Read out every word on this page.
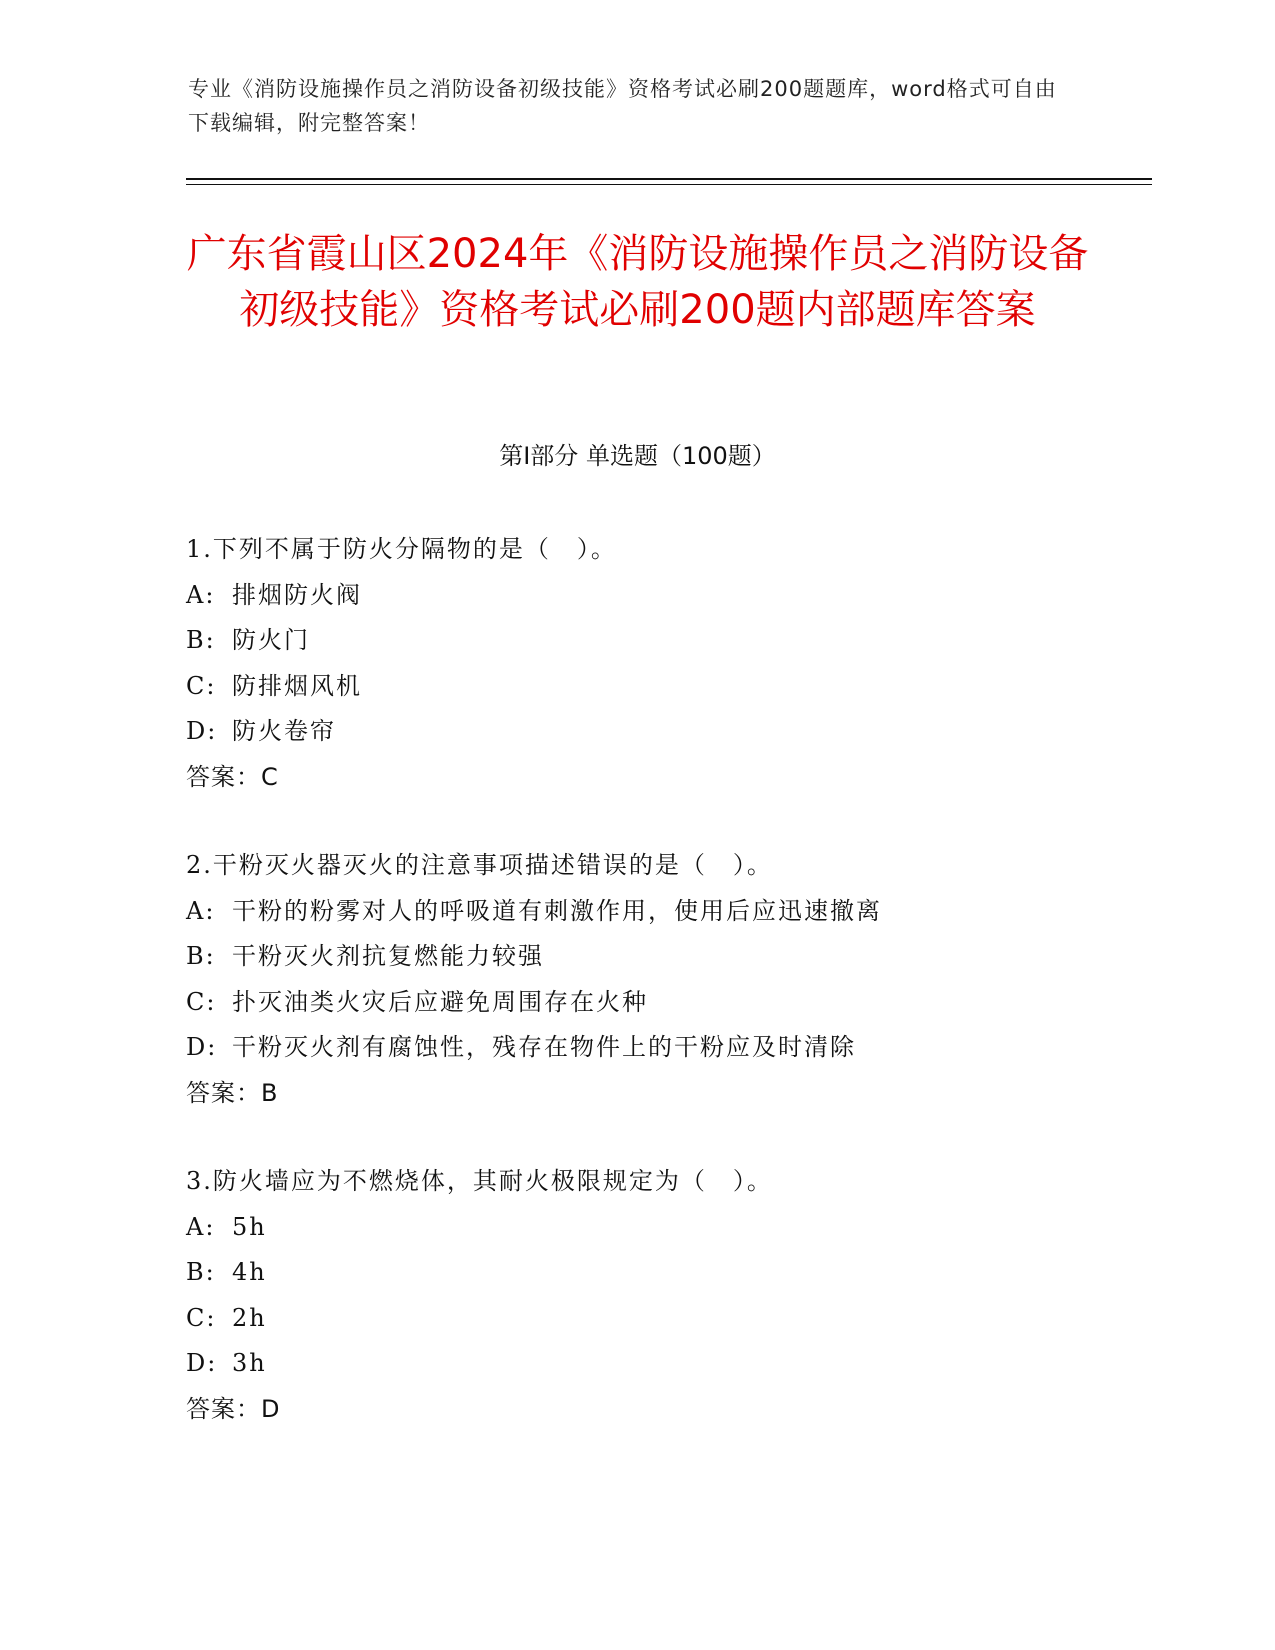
专业《消防设施操作员之消防设备初级技能》资格考试必刷200题题库，word格式可自由下载编辑，附完整答案！
广东省霞山区2024年《消防设施操作员之消防设备初级技能》资格考试必刷200题内部题库答案
第Ⅰ部分 单选题（100题）
1.下列不属于防火分隔物的是（　）。
A: 排烟防火阀
B: 防火门
C: 防排烟风机
D: 防火卷帘
答案：C
2.干粉灭火器灭火的注意事项描述错误的是（　）。
A: 干粉的粉雾对人的呼吸道有刺激作用，使用后应迅速撤离
B: 干粉灭火剂抗复燃能力较强
C: 扑灭油类火灾后应避免周围存在火种
D: 干粉灭火剂有腐蚀性，残存在物件上的干粉应及时清除
答案：B
3.防火墙应为不燃烧体，其耐火极限规定为（　）。
A: 5h
B: 4h
C: 2h
D: 3h
答案：D
